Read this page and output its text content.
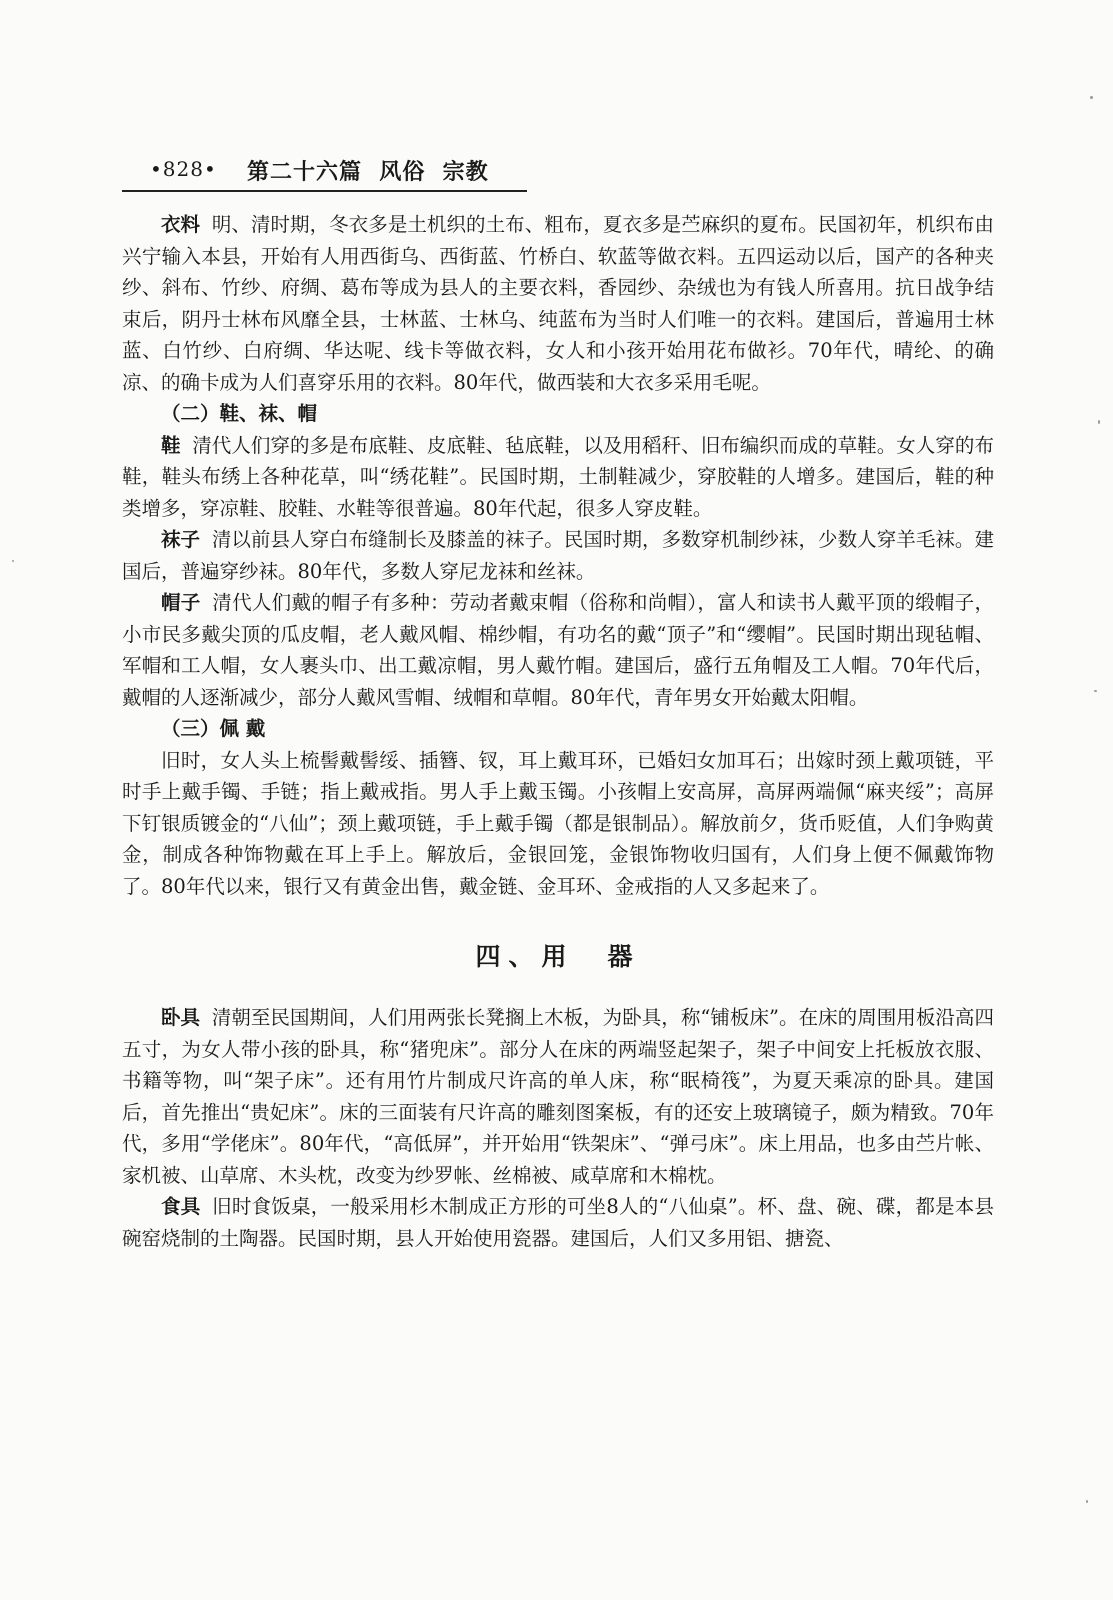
•828• 第二十六篇  风俗  宗教

衣料 明、清时期，冬衣多是土机织的土布、粗布，夏衣多是苎麻织的夏布。民国初年，机织布由兴宁输入本县，开始有人用西街乌、西街蓝、竹桥白、软蓝等做衣料。五四运动以后，国产的各种夹纱、斜布、竹纱、府绸、葛布等成为县人的主要衣料，香园纱、杂绒也为有钱人所喜用。抗日战争结束后，阴丹士林布风靡全县，士林蓝、士林乌、纯蓝布为当时人们唯一的衣料。建国后，普遍用士林蓝、白竹纱、白府绸、华达呢、线卡等做衣料，女人和小孩开始用花布做衫。70年代，晴纶、的确凉、的确卡成为人们喜穿乐用的衣料。80年代，做西装和大衣多采用毛呢。

（二）鞋、袜、帽

鞋 清代人们穿的多是布底鞋、皮底鞋、毡底鞋，以及用稻秆、旧布编织而成的草鞋。女人穿的布鞋，鞋头布绣上各种花草，叫“绣花鞋”。民国时期，土制鞋减少，穿胶鞋的人增多。建国后，鞋的种类增多，穿凉鞋、胶鞋、水鞋等很普遍。80年代起，很多人穿皮鞋。

袜子 清以前县人穿白布缝制长及膝盖的袜子。民国时期，多数穿机制纱袜，少数人穿羊毛袜。建国后，普遍穿纱袜。80年代，多数人穿尼龙袜和丝袜。

帽子 清代人们戴的帽子有多种：劳动者戴束帽（俗称和尚帽），富人和读书人戴平顶的缎帽子，小市民多戴尖顶的瓜皮帽，老人戴风帽、棉纱帽，有功名的戴“顶子”和“缨帽”。民国时期出现毡帽、军帽和工人帽，女人裹头巾、出工戴凉帽，男人戴竹帽。建国后，盛行五角帽及工人帽。70年代后，戴帽的人逐渐减少，部分人戴风雪帽、绒帽和草帽。80年代，青年男女开始戴太阳帽。

（三）佩 戴

旧时，女人头上梳髻戴髻绥、插簪、钗，耳上戴耳环，已婚妇女加耳石；出嫁时颈上戴项链，平时手上戴手镯、手链；指上戴戒指。男人手上戴玉镯。小孩帽上安高屏，高屏两端佩“麻夹绥”；高屏下钉银质镀金的“八仙”；颈上戴项链，手上戴手镯（都是银制品）。解放前夕，货币贬值，人们争购黄金，制成各种饰物戴在耳上手上。解放后，金银回笼，金银饰物收归国有，人们身上便不佩戴饰物了。80年代以来，银行又有黄金出售，戴金链、金耳环、金戒指的人又多起来了。

四、用　器

卧具 清朝至民国期间，人们用两张长凳搁上木板，为卧具，称“铺板床”。在床的周围用板沿高四五寸，为女人带小孩的卧具，称“猪兜床”。部分人在床的两端竖起架子，架子中间安上托板放衣服、书籍等物，叫“架子床”。还有用竹片制成尺许高的单人床，称“眠椅筏”，为夏天乘凉的卧具。建国后，首先推出“贵妃床”。床的三面装有尺许高的雕刻图案板，有的还安上玻璃镜子，颇为精致。70年代，多用“学佬床”。80年代，“高低屏”，并开始用“铁架床”、“弹弓床”。床上用品，也多由苎片帐、家机被、山草席、木头枕，改变为纱罗帐、丝棉被、咸草席和木棉枕。

食具 旧时食饭桌，一般采用杉木制成正方形的可坐8人的“八仙桌”。杯、盘、碗、碟，都是本县碗窑烧制的土陶器。民国时期，县人开始使用瓷器。建国后，人们又多用铝、搪瓷、
